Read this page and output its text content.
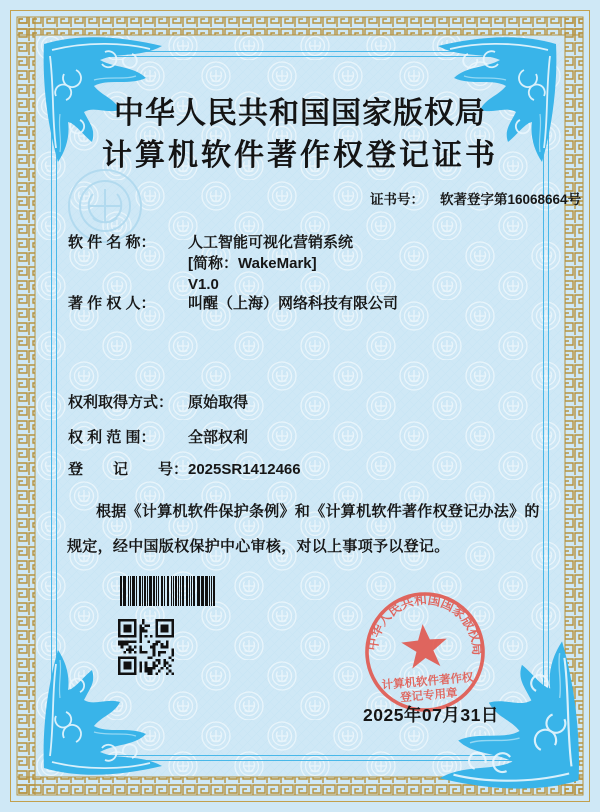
中华人民共和国国家版权局
计算机软件著作权登记证书
证书号： 软著登字第16068664号
软 件 名 称： 人工智能可视化营销系统
[简称：WakeMark]
V1.0
著 作 权 人： 叫醒（上海）网络科技有限公司
权利取得方式： 原始取得
权 利 范 围： 全部权利
登　　记　　号： 2025SR1412466
根据《计算机软件保护条例》和《计算机软件著作权登记办法》的
规定，经中国版权保护中心审核，对以上事项予以登记。
中华人民共和国国家版权局
计算机软件著作权
登记专用章
2025年07月31日
